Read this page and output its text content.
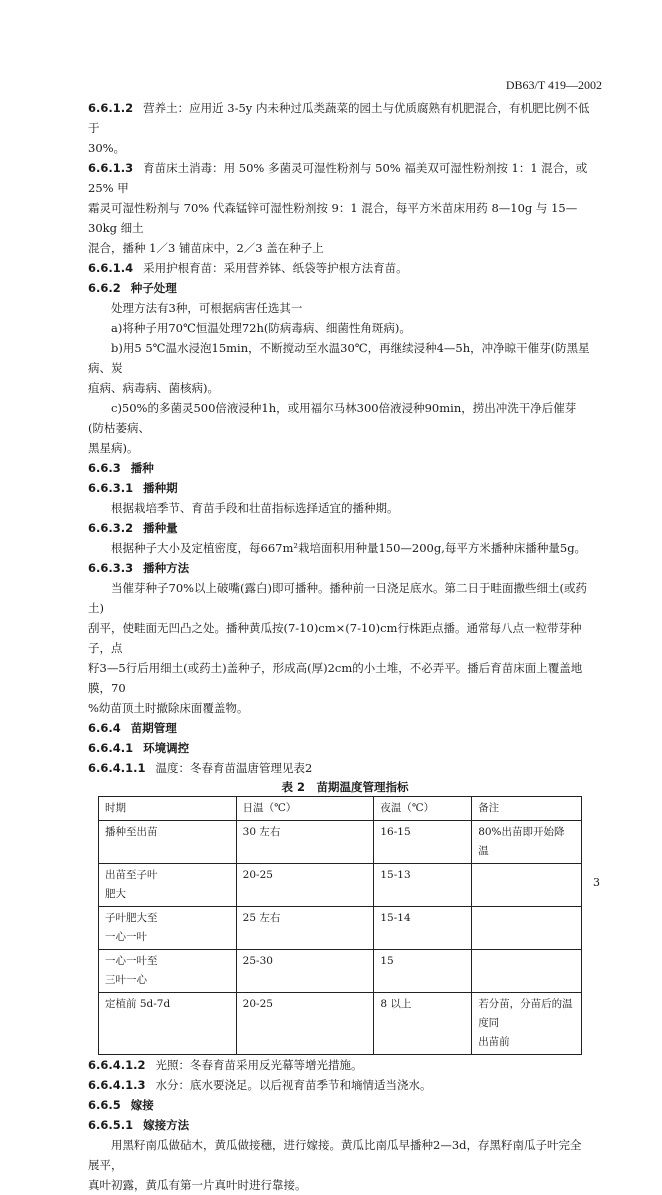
DB63/T 419—2002
6.6.1.2 营养土：应用近 3-5y 内未种过瓜类蔬菜的园土与优质腐熟有机肥混合，有机肥比例不低于
30%。
6.6.1.3 育苗床土消毒：用 50% 多菌灵可湿性粉剂与 50% 福美双可湿性粉剂按 1：1 混合，或 25% 甲
霜灵可湿性粉剂与 70% 代森锰锌可湿性粉剂按 9：1 混合，每平方米苗床用药 8—10g 与 15—30kg 细土
混合，播种 1／3 铺苗床中，2／3 盖在种子上
6.6.1.4 采用护根育苗：采用营养钵、纸袋等护根方法育苗。
6.6.2 种子处理
处理方法有3种，可根据病害任选其一
a)将种子用70℃恒温处理72h(防病毒病、细菌性角斑病)。
b)用5 5℃温水浸泡15min，不断搅动至水温30℃，再继续浸种4—5h，冲净晾干催芽(防黑星病、炭
疽病、病毒病、菌核病)。
c)50%的多菌灵500倍液浸种1h，或用福尔马林300倍液浸种90min，捞出冲洗干净后催芽(防枯萎病、
黑星病)。
6.6.3 播种
6.6.3.1 播种期
根据栽培季节、育苗手段和壮苗指标选择适宜的播种期。
6.6.3.2 播种量
根据种子大小及定植密度，每667m²栽培面积用种量150—200g,每平方米播种床播种量5g。
6.6.3.3 播种方法
当催芽种子70%以上破嘴(露白)即可播种。播种前一日浇足底水。第二日于畦面撒些细土(或药土)
刮平，使畦面无凹凸之处。播种黄瓜按(7-10)cm×(7-10)cm行株距点播。通常每八点一粒带芽种子，点
籽3—5行后用细土(或药土)盖种子，形成高(厚)2cm的小土堆，不必弄平。播后育苗床面上覆盖地膜，70
%幼苗顶土时撤除床面覆盖物。
6.6.4 苗期管理
6.6.4.1 环境调控
6.6.4.1.1 温度：冬春育苗温唐管理见表2
表 2　苗期温度管理指标
时期	日温（℃）	夜温（℃）	备注
播种至出苗	30 左右	16-15	80%出苗即开始降温
出苗至子叶
肥大	20-25	15-13	
子叶肥大至
一心一叶	25 左右	15-14	
一心一叶至
三叶一心	25-30	15	
定植前 5d-7d	20-25	8 以上	若分苗，分苗后的温度同
出苗前
6.6.4.1.2 光照：冬春育苗采用反光幕等增光措施。
6.6.4.1.3 水分：底水要浇足。以后视育苗季节和墒情适当浇水。
6.6.5 嫁接
6.6.5.1 嫁接方法
用黑籽南瓜做砧木，黄瓜做接穗，进行嫁接。黄瓜比南瓜早播种2—3d，存黑籽南瓜子叶完全展平，
真叶初露，黄瓜有第一片真叶时进行靠接。
3
